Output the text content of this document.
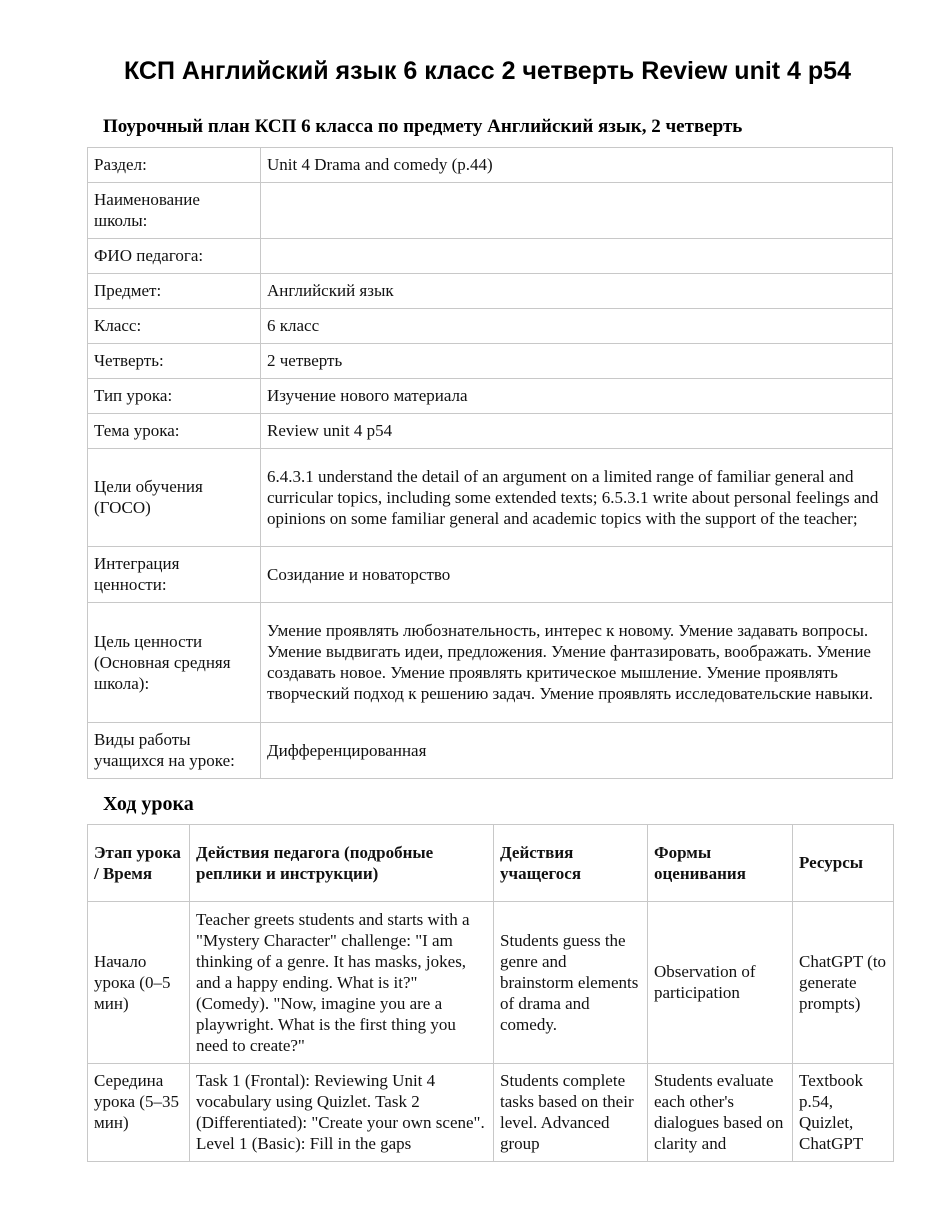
КСП Английский язык 6 класс 2 четверть Review unit 4 p54
Поурочный план КСП 6 класса по предмету Английский язык, 2 четверть
Раздел:	Unit 4 Drama and comedy (p.44)
Наименование школы:	
ФИО педагога:	
Предмет:	Английский язык
Класс:	6 класс
Четверть:	2 четверть
Тип урока:	Изучение нового материала
Тема урока:	Review unit 4 p54
Цели обучения (ГОСО)	6.4.3.1 understand the detail of an argument on a limited range of familiar general and curricular topics, including some extended texts; 6.5.3.1 write about personal feelings and opinions on some familiar general and academic topics with the support of the teacher;
Интеграция ценности:	Созидание и новаторство
Цель ценности (Основная средняя школа):	Умение проявлять любознательность, интерес к новому. Умение задавать вопросы. Умение выдвигать идеи, предложения. Умение фантазировать, воображать. Умение создавать новое. Умение проявлять критическое мышление. Умение проявлять творческий подход к решению задач. Умение проявлять исследовательские навыки.
Виды работы учащихся на уроке:	Дифференцированная
Ход урока
Этап урока / Время	Действия педагога (подробные реплики и инструкции)	Действия учащегося	Формы оценивания	Ресурсы
Начало урока (0–5 мин)	Teacher greets students and starts with a "Mystery Character" challenge: "I am thinking of a genre. It has masks, jokes, and a happy ending. What is it?" (Comedy). "Now, imagine you are a playwright. What is the first thing you need to create?"	Students guess the genre and brainstorm elements of drama and comedy.	Observation of participation	ChatGPT (to generate prompts)
Середина урока (5–35 мин)	Task 1 (Frontal): Reviewing Unit 4 vocabulary using Quizlet. Task 2 (Differentiated): "Create your own scene". Level 1 (Basic): Fill in the gaps	Students complete tasks based on their level. Advanced group	Students evaluate each other's dialogues based on clarity and	Textbook p.54, Quizlet, ChatGPT
